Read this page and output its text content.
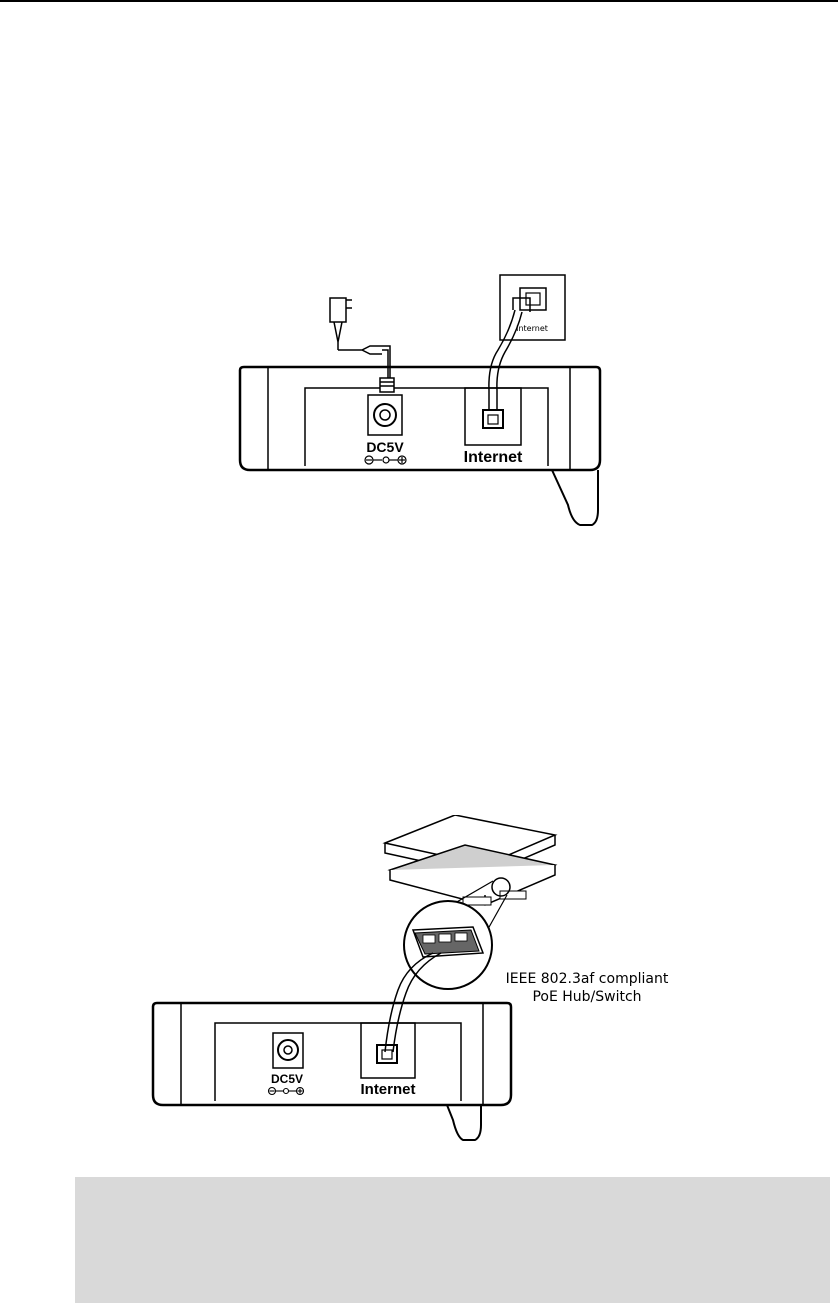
DC5V
Internet
Internet
IEEE 802.3af compliant
PoE Hub/Switch
DC5V
Internet
